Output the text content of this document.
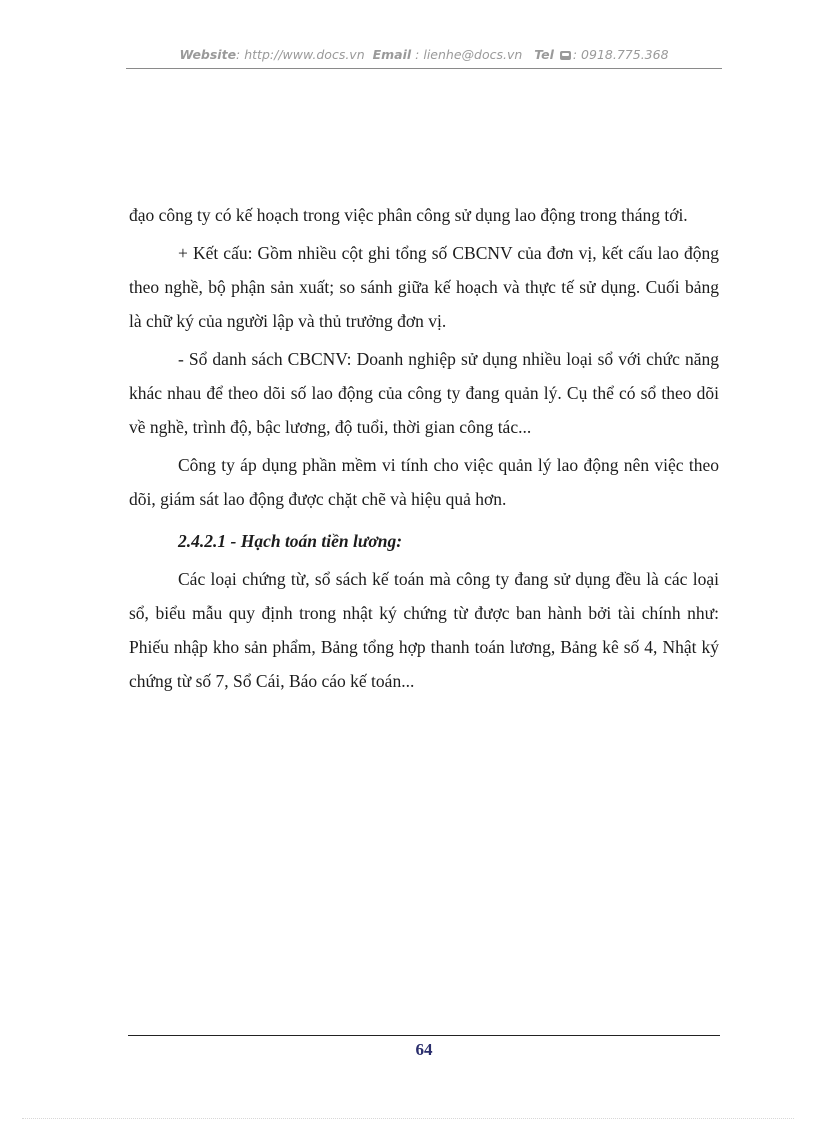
Website: http://www.docs.vn Email : lienhe@docs.vn Tel : 0918.775.368

đạo công ty có kế hoạch trong việc phân công sử dụng lao động trong tháng tới.

+ Kết cấu: Gồm nhiều cột ghi tổng số CBCNV của đơn vị, kết cấu lao động theo nghề, bộ phận sản xuất; so sánh giữa kế hoạch và thực tế sử dụng. Cuối bảng là chữ ký của người lập và thủ trưởng đơn vị.

- Sổ danh sách CBCNV: Doanh nghiệp sử dụng nhiều loại sổ với chức năng khác nhau để theo dõi số lao động của công ty đang quản lý. Cụ thể có sổ theo dõi về nghề, trình độ, bậc lương, độ tuổi, thời gian công tác...

Công ty áp dụng phần mềm vi tính cho việc quản lý lao động nên việc theo dõi, giám sát lao động được chặt chẽ và hiệu quả hơn.

2.4.2.1 - Hạch toán tiền lương:

Các loại chứng từ, sổ sách kế toán mà công ty đang sử dụng đều là các loại sổ, biểu mẫu quy định trong nhật ký chứng từ được ban hành bởi tài chính như: Phiếu nhập kho sản phẩm, Bảng tổng hợp thanh toán lương, Bảng kê số 4, Nhật ký chứng từ số 7, Sổ Cái, Báo cáo kế toán...

64
